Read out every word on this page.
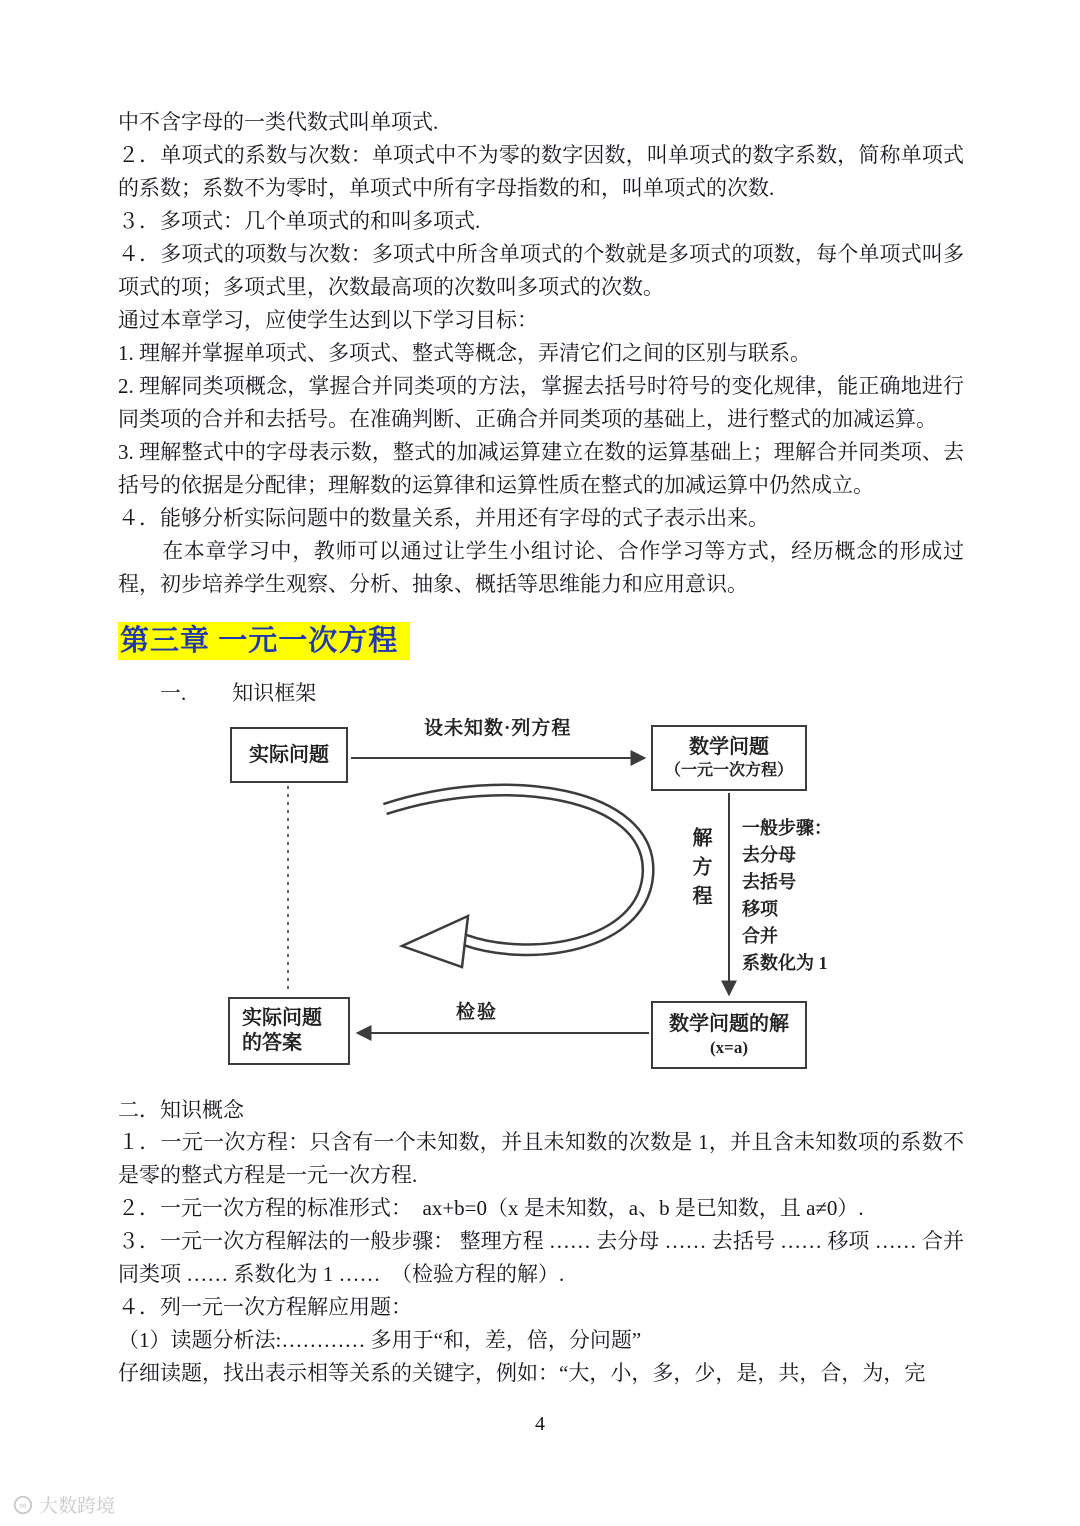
中不含字母的一类代数式叫单项式.

２．单项式的系数与次数：单项式中不为零的数字因数，叫单项式的数字系数，简称单项式的系数；系数不为零时，单项式中所有字母指数的和，叫单项式的次数.

３．多项式：几个单项式的和叫多项式.

４．多项式的项数与次数：多项式中所含单项式的个数就是多项式的项数，每个单项式叫多项式的项；多项式里，次数最高项的次数叫多项式的次数。

通过本章学习，应使学生达到以下学习目标：

1. 理解并掌握单项式、多项式、整式等概念，弄清它们之间的区别与联系。

2. 理解同类项概念，掌握合并同类项的方法，掌握去括号时符号的变化规律，能正确地进行同类项的合并和去括号。在准确判断、正确合并同类项的基础上，进行整式的加减运算。

3. 理解整式中的字母表示数，整式的加减运算建立在数的运算基础上；理解合并同类项、去括号的依据是分配律；理解数的运算律和运算性质在整式的加减运算中仍然成立。

４．能够分析实际问题中的数量关系，并用还有字母的式子表示出来。

在本章学习中，教师可以通过让学生小组讨论、合作学习等方式，经历概念的形成过程，初步培养学生观察、分析、抽象、概括等思维能力和应用意识。

第三章 一元一次方程
一. 知识框架
实际问题
设未知数·列方程
数学问题
（一元一次方程）
解方程 一般步骤：
去分母
去括号
移项
合并
系数化为 1
数学问题的解
(x=a)
检验
实际问题
的答案
二．知识概念

１．一元一次方程：只含有一个未知数，并且未知数的次数是 1，并且含未知数项的系数不是零的整式方程是一元一次方程.

２．一元一次方程的标准形式：　ax+b=0（x 是未知数，a、b 是已知数，且 a≠0）.

３．一元一次方程解法的一般步骤： 整理方程 …… 去分母 …… 去括号 …… 移项 …… 合并同类项 …… 系数化为 1 ……　（检验方程的解）.

４．列一元一次方程解应用题：

（1）读题分析法:………… 多用于“和，差，倍，分问题”

仔细读题，找出表示相等关系的关键字，例如：“大，小，多，少，是，共，合，为，完

4
∞ 大数跨境
